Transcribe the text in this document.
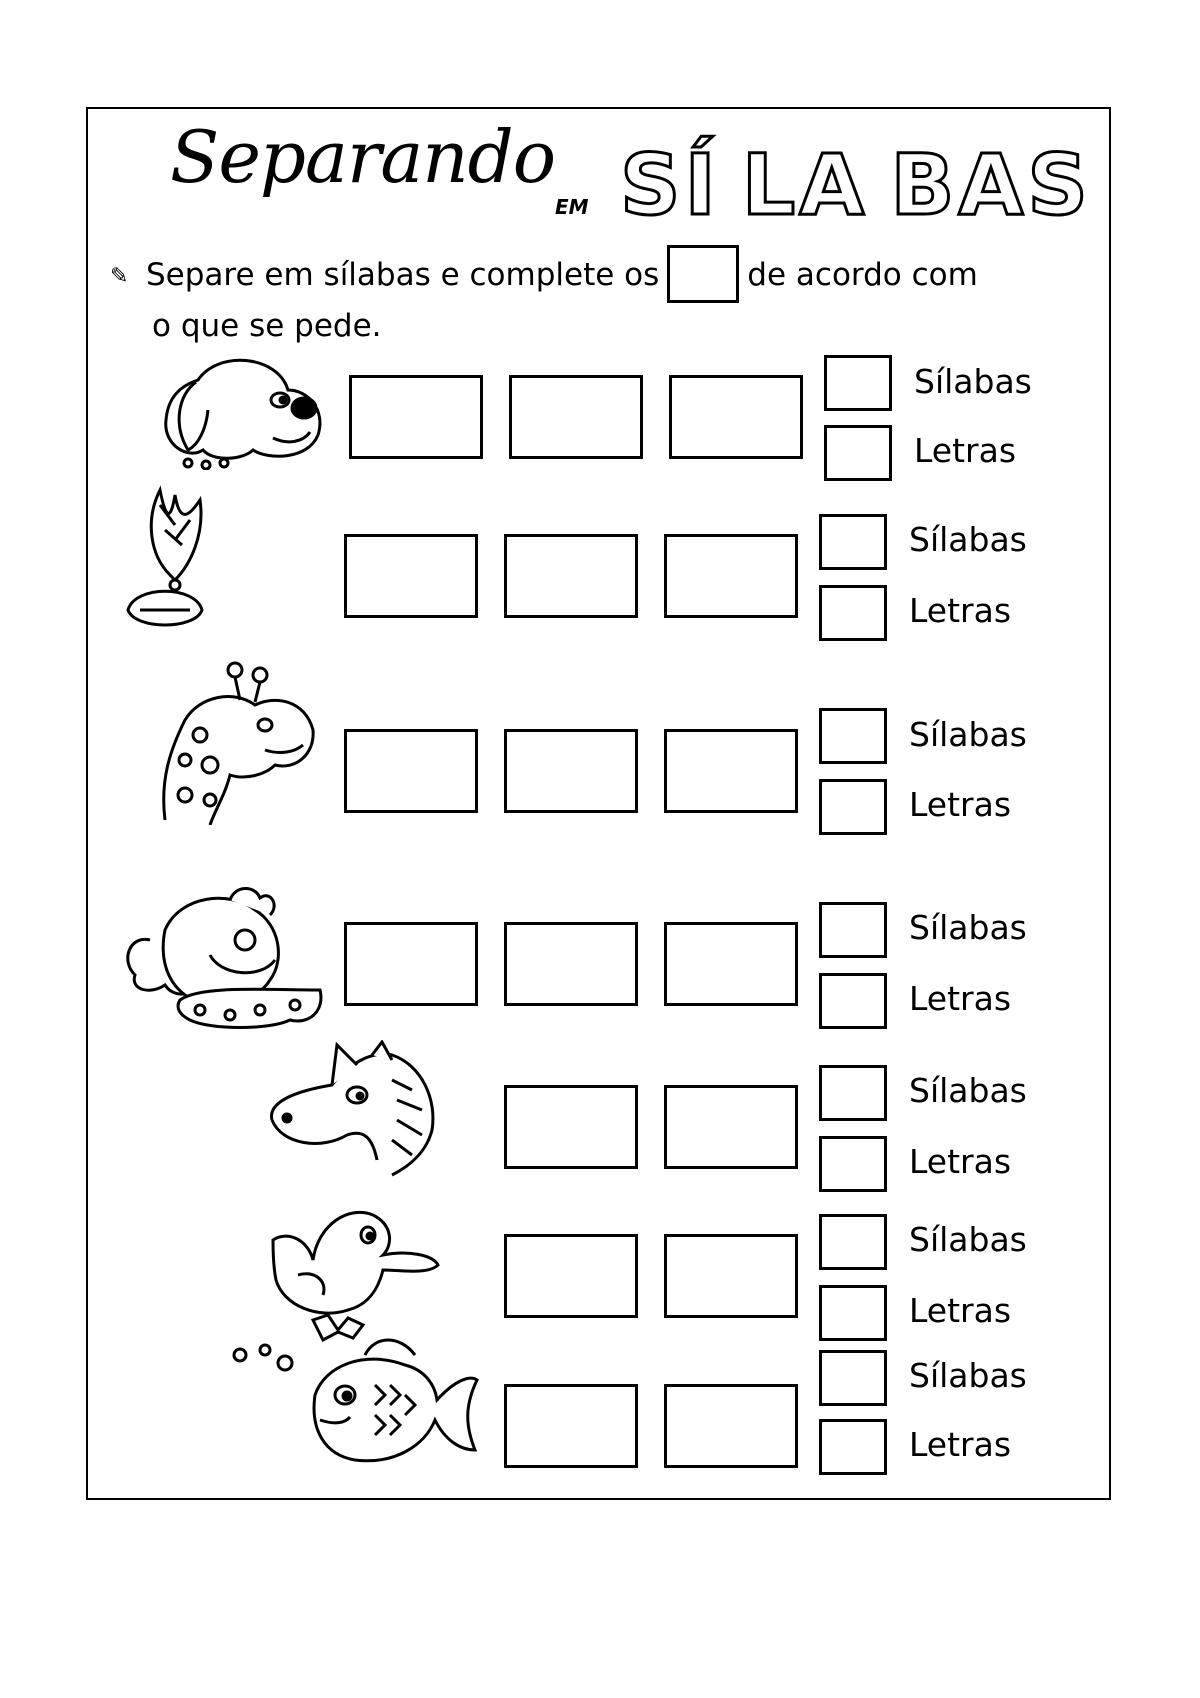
Separando
EM SÍ LA BAS
✎ Separe em sílabas e complete os	de acordo com
o que se pede.
Sílabas
Letras
Sílabas
Letras
Sílabas
Letras
Sílabas
Letras
Sílabas
Letras
Sílabas
Letras
Sílabas
Letras
